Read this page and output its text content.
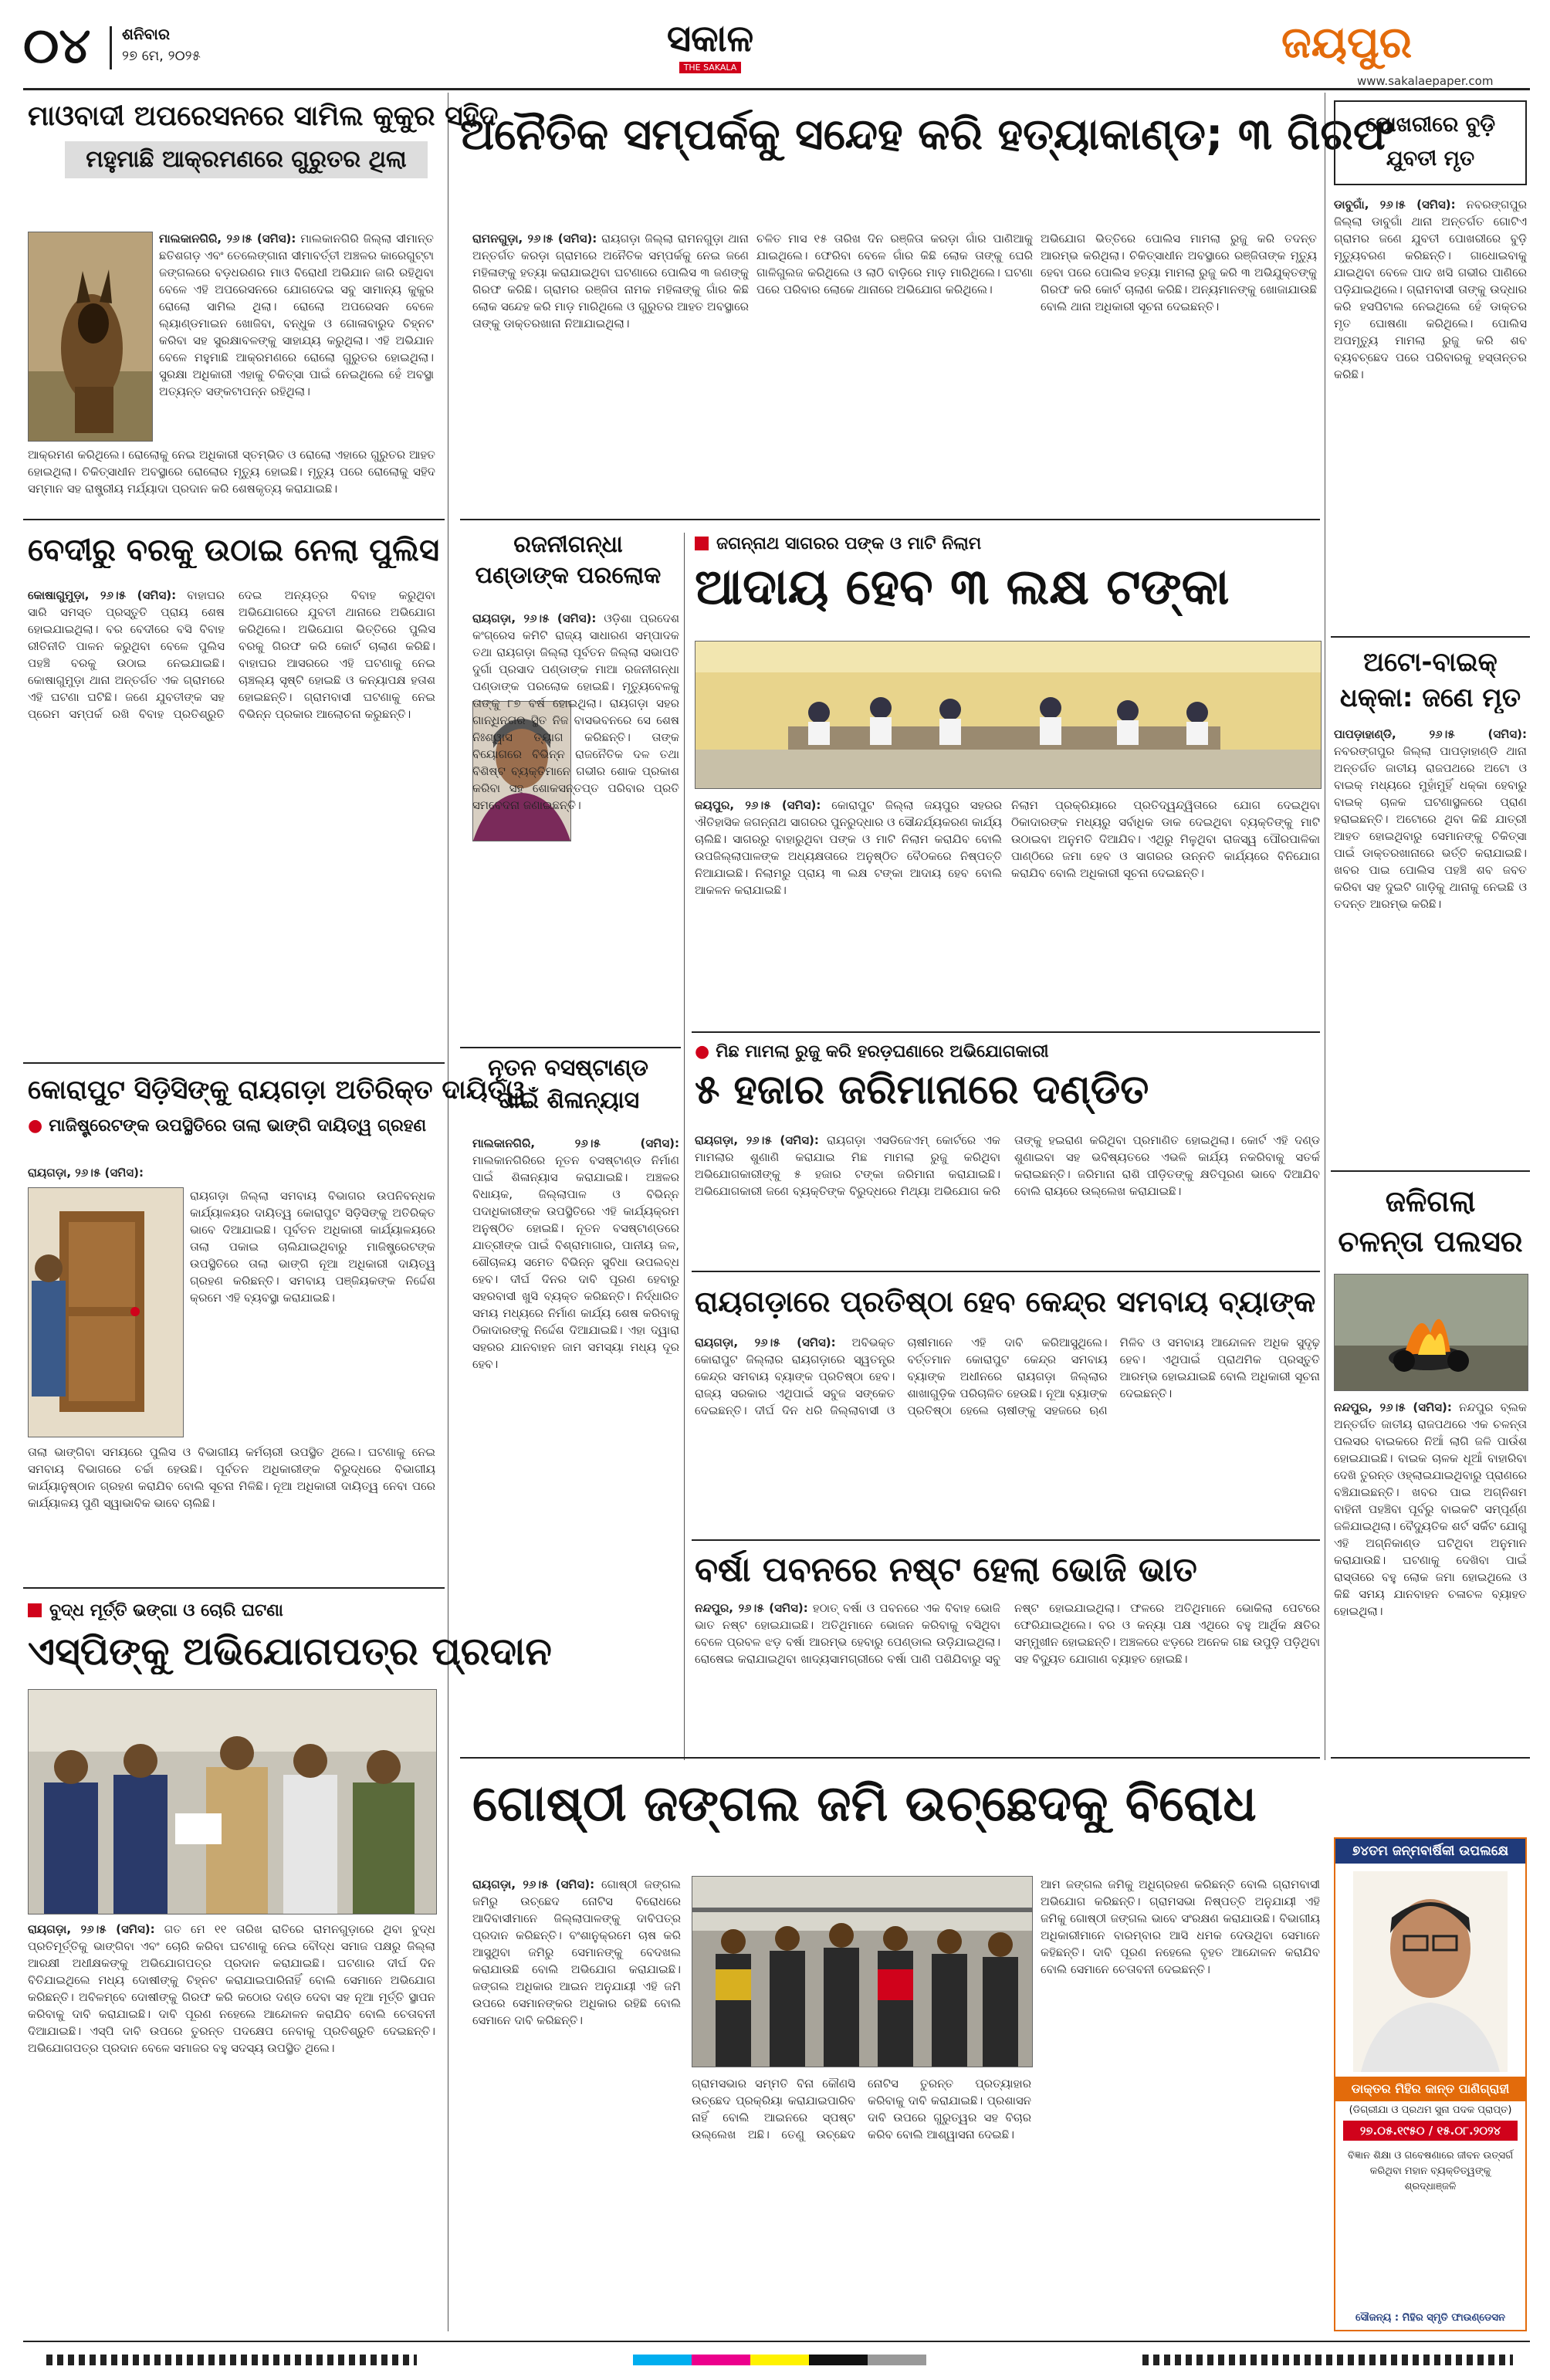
୦୪ ଶନିବାର
୨୭ ମେ, ୨୦୨୫	ସକାଳ
THE SAKALA	ଜୟପୁର
www.sakalaepaper.com
ମାଓବାଦୀ ଅପରେସନରେ ସାମିଲ କୁକୁର ସହିଦ
ମହୁମାଛି ଆକ୍ରମଣରେ ଗୁରୁତର ଥିଲା
ମାଲକାନଗିରି, ୨୬।୫ (ସମିସ): ମାଲକାନଗିରି ଜିଲ୍ଲା ସୀମାନ୍ତ ଛତିଶଗଡ଼ ଏବଂ ତେଲେଙ୍ଗାନା ସୀମାବର୍ତ୍ତୀ ଅଞ୍ଚଳର କାରେଗୁଟ୍ଟା ଜଙ୍ଗଲରେ ବଡ଼ଧରଣର ମାଓ ବିରୋଧୀ ଅଭିଯାନ ଜାରି ରହିଥିବା ବେଳେ ଏହି ଅପରେସନରେ ଯୋଗଦେଇ ସବୁ ସାମାନ୍ୟ କୁକୁର ରୋଲୋ ସାମିଲ ଥିଲା। ରୋଲୋ ଅପରେସନ ବେଳେ ଲ୍ୟାଣ୍ଡମାଇନ ଖୋଜିବା, ବନ୍ଧୁକ ଓ ଗୋଳାବାରୁଦ ଚିହ୍ନଟ କରିବା ସହ ସୁରକ୍ଷାବଳଙ୍କୁ ସାହାଯ୍ୟ କରୁଥିଲା। ଏହି ଅଭିଯାନ ବେଳେ ମହୁମାଛି ଆକ୍ରମଣରେ ରୋଲୋ ଗୁରୁତର ହୋଇଥିଲା। ସୁରକ୍ଷା ଅଧିକାରୀ ଏହାକୁ ଚିକିତ୍ସା ପାଇଁ ନେଇଥିଲେ ହେଁ ଅବସ୍ଥା ଅତ୍ୟନ୍ତ ସଙ୍କଟାପନ୍ନ ରହିଥିଲା।
ଆକ୍ରମଣ କରିଥିଲେ। ରୋଲୋକୁ ନେଇ ଅଧିକାରୀ ସ୍ତମ୍ଭିତ ଓ ରୋଲୋ ଏହାରେ ଗୁରୁତର ଆହତ ହୋଇଥିଲା। ଚିକିତ୍ସାଧୀନ ଅବସ୍ଥାରେ ରୋଲୋର ମୃତ୍ୟୁ ହୋଇଛି। ମୃତ୍ୟୁ ପରେ ରୋଲୋକୁ ସହିଦ ସମ୍ମାନ ସହ ରାଷ୍ଟ୍ରୀୟ ମର୍ଯ୍ୟାଦା ପ୍ରଦାନ କରି ଶେଷକୃତ୍ୟ କରାଯାଇଛି।
ଅନୈତିକ ସମ୍ପର୍କକୁ ସନ୍ଦେହ କରି ହତ୍ୟାକାଣ୍ଡ; ୩ ଗିରଫ
ରାମନଗୁଡ଼ା, ୨୬।୫ (ସମିସ): ରାୟଗଡ଼ା ଜିଲ୍ଲା ରାମନଗୁଡ଼ା ଥାନା ଅନ୍ତର୍ଗତ କରଡ଼ା ଗ୍ରାମରେ ଅନୈତିକ ସମ୍ପର୍କକୁ ନେଇ ଜଣେ ମହିଳାଙ୍କୁ ହତ୍ୟା କରାଯାଇଥିବା ଘଟଣାରେ ପୋଲିସ ୩ ଜଣଙ୍କୁ ଗିରଫ କରିଛି। ଗ୍ରାମର ରଞ୍ଜିତା ନାମକ ମହିଳାଙ୍କୁ ଗାଁର କିଛି ଲୋକ ସନ୍ଦେହ କରି ମାଡ଼ ମାରିଥିଲେ ଓ ଗୁରୁତର ଆହତ ଅବସ୍ଥାରେ ତାଙ୍କୁ ଡାକ୍ତରଖାନା ନିଆଯାଇଥିଲା।
ଚଳିତ ମାସ ୧୫ ତାରିଖ ଦିନ ରଞ୍ଜିତା କରଡ଼ା ଗାଁର ପାଣିଆକୁ ଯାଇଥିଲେ। ଫେରିବା ବେଳେ ଗାଁର କିଛି ଲୋକ ତାଙ୍କୁ ଘେରି ଗାଳିଗୁଲଜ କରିଥିଲେ ଓ ଲାଠି ବାଡ଼ିରେ ମାଡ଼ ମାରିଥିଲେ। ଘଟଣା ପରେ ପରିବାର ଲୋକେ ଥାନାରେ ଅଭିଯୋଗ କରିଥିଲେ।
ଅଭିଯୋଗ ଭିତ୍ତିରେ ପୋଲିସ ମାମଲା ରୁଜୁ କରି ତଦନ୍ତ ଆରମ୍ଭ କରିଥିଲା। ଚିକିତ୍ସାଧୀନ ଅବସ୍ଥାରେ ରଞ୍ଜିତାଙ୍କ ମୃତ୍ୟୁ ହେବା ପରେ ପୋଲିସ ହତ୍ୟା ମାମଲା ରୁଜୁ କରି ୩ ଅଭିଯୁକ୍ତଙ୍କୁ ଗିରଫ କରି କୋର୍ଟ ଚାଲାଣ କରିଛି। ଅନ୍ୟମାନଙ୍କୁ ଖୋଜାଯାଉଛି ବୋଲି ଥାନା ଅଧିକାରୀ ସୂଚନା ଦେଇଛନ୍ତି।
ପୋଖରୀରେ ବୁଡ଼ି ଯୁବତୀ ମୃତ
ଡାବୁଗାଁ, ୨୬।୫ (ସମିସ): ନବରଙ୍ଗପୁର ଜିଲ୍ଲା ଡାବୁଗାଁ ଥାନା ଅନ୍ତର୍ଗତ ଗୋଟିଏ ଗ୍ରାମର ଜଣେ ଯୁବତୀ ପୋଖରୀରେ ବୁଡ଼ି ମୃତ୍ୟୁବରଣ କରିଛନ୍ତି। ଗାଧୋଇବାକୁ ଯାଇଥିବା ବେଳେ ପାଦ ଖସି ଗଭୀର ପାଣିରେ ପଡ଼ିଯାଇଥିଲେ। ଗ୍ରାମବାସୀ ତାଙ୍କୁ ଉଦ୍ଧାର କରି ହସପିଟାଲ ନେଇଥିଲେ ହେଁ ଡାକ୍ତର ମୃତ ଘୋଷଣା କରିଥିଲେ। ପୋଲିସ ଅପମୃତ୍ୟୁ ମାମଲା ରୁଜୁ କରି ଶବ ବ୍ୟବଚ୍ଛେଦ ପରେ ପରିବାରକୁ ହସ୍ତାନ୍ତର କରିଛି।
ଅଟୋ-ବାଇକ୍
ଧକ୍କା: ଜଣେ ମୃତ
ପାପଡ଼ାହାଣ୍ଡି, ୨୬।୫ (ସମିସ): ନବରଙ୍ଗପୁର ଜିଲ୍ଲା ପାପଡ଼ାହାଣ୍ଡି ଥାନା ଅନ୍ତର୍ଗତ ଜାତୀୟ ରାଜପଥରେ ଅଟୋ ଓ ବାଇକ୍ ମଧ୍ୟରେ ମୁହାଁମୁହିଁ ଧକ୍କା ହେବାରୁ ବାଇକ୍ ଚାଳକ ଘଟଣାସ୍ଥଳରେ ପ୍ରାଣ ହରାଇଛନ୍ତି। ଅଟୋରେ ଥିବା କିଛି ଯାତ୍ରୀ ଆହତ ହୋଇଥିବାରୁ ସେମାନଙ୍କୁ ଚିକିତ୍ସା ପାଇଁ ଡାକ୍ତରଖାନାରେ ଭର୍ତ୍ତି କରାଯାଇଛି। ଖବର ପାଇ ପୋଲିସ ପହଞ୍ଚି ଶବ ଜବତ କରିବା ସହ ଦୁଇଟି ଗାଡ଼ିକୁ ଥାନାକୁ ନେଇଛି ଓ ତଦନ୍ତ ଆରମ୍ଭ କରିଛି।
ବେଦୀରୁ ବରକୁ ଉଠାଇ ନେଲା ପୁଲିସ
କୋଷାଗୁମୁଡ଼ା, ୨୬।୫ (ସମିସ): ବାହାଘର ସାରି ସମସ୍ତ ପ୍ରସ୍ତୁତି ପ୍ରାୟ ଶେଷ ହୋଇଯାଇଥିଲା। ବର ବେଦୀରେ ବସି ବିବାହ ରୀତିନୀତି ପାଳନ କରୁଥିବା ବେଳେ ପୁଲିସ ପହଞ୍ଚି ବରକୁ ଉଠାଇ ନେଇଯାଇଛି। କୋଷାଗୁମୁଡ଼ା ଥାନା ଅନ୍ତର୍ଗତ ଏକ ଗ୍ରାମରେ ଏହି ଘଟଣା ଘଟିଛି। ଜଣେ ଯୁବତୀଙ୍କ ସହ ପ୍ରେମ ସମ୍ପର୍କ ରଖି ବିବାହ ପ୍ରତିଶ୍ରୁତି ଦେଇ ଅନ୍ୟତ୍ର ବିବାହ କରୁଥିବା ଅଭିଯୋଗରେ ଯୁବତୀ ଥାନାରେ ଅଭିଯୋଗ କରିଥିଲେ। ଅଭିଯୋଗ ଭିତ୍ତିରେ ପୁଲିସ ବରକୁ ଗିରଫ କରି କୋର୍ଟ ଚାଲାଣ କରିଛି। ବାହାଘର ଆସରରେ ଏହି ଘଟଣାକୁ ନେଇ ଚାଞ୍ଚଲ୍ୟ ସୃଷ୍ଟି ହୋଇଛି ଓ କନ୍ୟାପକ୍ଷ ହତାଶ ହୋଇଛନ୍ତି। ଗ୍ରାମବାସୀ ଘଟଣାକୁ ନେଇ ବିଭିନ୍ନ ପ୍ରକାର ଆଲୋଚନା କରୁଛନ୍ତି।
ରଜନୀଗନ୍ଧା
ପଣ୍ଡାଙ୍କ ପରଲୋକ
ରାୟଗଡ଼ା, ୨୬।୫ (ସମିସ): ଓଡ଼ିଶା ପ୍ରଦେଶ କଂଗ୍ରେସ କମିଟି ରାଜ୍ୟ ସାଧାରଣ ସମ୍ପାଦକ ତଥା ରାୟଗଡ଼ା ଜିଲ୍ଲା ପୂର୍ବତନ ଜିଲ୍ଲା ସଭାପତି ଦୁର୍ଗା ପ୍ରସାଦ ପଣ୍ଡାଙ୍କ ମାଆ ରଜନୀଗନ୍ଧା ପଣ୍ଡାଙ୍କ ପରଲୋକ ହୋଇଛି। ମୃତ୍ୟୁବେଳକୁ ତାଙ୍କୁ ୮୭ ବର୍ଷ ହୋଇଥିଲା। ରାୟଗଡ଼ା ସହର ଗାନ୍ଧିନଗର ସ୍ଥିତ ନିଜ ବାସଭବନରେ ସେ ଶେଷ ନିଃଶ୍ୱାସ ତ୍ୟାଗ କରିଛନ୍ତି। ତାଙ୍କ ବିୟୋଗରେ ବିଭିନ୍ନ ରାଜନୈତିକ ଦଳ ତଥା ବିଶିଷ୍ଟ ବ୍ୟକ୍ତିମାନେ ଗଭୀର ଶୋକ ପ୍ରକାଶ କରିବା ସହ ଶୋକସନ୍ତପ୍ତ ପରିବାର ପ୍ରତି ସମବେଦନା ଜଣାଇଛନ୍ତି।
ଜଗନ୍ନାଥ ସାଗରର ପଙ୍କ ଓ ମାଟି ନିଲାମ
ଆଦାୟ ହେବ ୩ ଲକ୍ଷ ଟଙ୍କା
ଜୟପୁର, ୨୬।୫ (ସମିସ): କୋରାପୁଟ ଜିଲ୍ଲା ଜୟପୁର ସହରର ଐତିହାସିକ ଜଗନ୍ନାଥ ସାଗରର ପୁନରୁଦ୍ଧାର ଓ ସୌନ୍ଦର୍ଯ୍ୟକରଣ କାର୍ଯ୍ୟ ଚାଲିଛି। ସାଗରରୁ ବାହାରୁଥିବା ପଙ୍କ ଓ ମାଟି ନିଲାମ କରାଯିବ ବୋଲି ଉପଜିଲ୍ଲାପାଳଙ୍କ ଅଧ୍ୟକ୍ଷତାରେ ଅନୁଷ୍ଠିତ ବୈଠକରେ ନିଷ୍ପତ୍ତି ନିଆଯାଇଛି। ନିଲାମରୁ ପ୍ରାୟ ୩ ଲକ୍ଷ ଟଙ୍କା ଆଦାୟ ହେବ ବୋଲି ଆକଳନ କରାଯାଇଛି।
ନିଲାମ ପ୍ରକ୍ରିୟାରେ ପ୍ରତିଦ୍ୱନ୍ଦ୍ୱିତାରେ ଯୋଗ ଦେଇଥିବା ଠିକାଦାରଙ୍କ ମଧ୍ୟରୁ ସର୍ବାଧିକ ଡାକ ଦେଇଥିବା ବ୍ୟକ୍ତିଙ୍କୁ ମାଟି ଉଠାଇବା ଅନୁମତି ଦିଆଯିବ। ଏଥିରୁ ମିଳୁଥିବା ରାଜସ୍ୱ ପୌରପାଳିକା ପାଣ୍ଠିରେ ଜମା ହେବ ଓ ସାଗରର ଉନ୍ନତି କାର୍ଯ୍ୟରେ ବିନିଯୋଗ କରାଯିବ ବୋଲି ଅଧିକାରୀ ସୂଚନା ଦେଇଛନ୍ତି।
କୋରାପୁଟ ସିଡ଼ିସିଙ୍କୁ ରାୟଗଡ଼ା ଅତିରିକ୍ତ ଦାୟିତ୍ୱ
● ମାଜିଷ୍ଟ୍ରେଟଙ୍କ ଉପସ୍ଥିତିରେ ତାଲା ଭାଙ୍ଗି ଦାୟିତ୍ୱ ଗ୍ରହଣ
ରାୟଗଡ଼ା, ୨୬।୫ (ସମିସ):
ରାୟଗଡ଼ା ଜିଲ୍ଲା ସମବାୟ ବିଭାଗର ଉପନିବନ୍ଧକ କାର୍ଯ୍ୟାଳୟର ଦାୟିତ୍ୱ କୋରାପୁଟ ସିଡ଼ିସିଙ୍କୁ ଅତିରିକ୍ତ ଭାବେ ଦିଆଯାଇଛି। ପୂର୍ବତନ ଅଧିକାରୀ କାର୍ଯ୍ୟାଳୟରେ ତାଲା ପକାଇ ଚାଲିଯାଇଥିବାରୁ ମାଜିଷ୍ଟ୍ରେଟଙ୍କ ଉପସ୍ଥିତିରେ ତାଲା ଭାଙ୍ଗି ନୂଆ ଅଧିକାରୀ ଦାୟିତ୍ୱ ଗ୍ରହଣ କରିଛନ୍ତି। ସମବାୟ ପଞ୍ଜିୟକଙ୍କ ନିର୍ଦ୍ଦେଶ କ୍ରମେ ଏହି ବ୍ୟବସ୍ଥା କରାଯାଇଛି।
ତାଲା ଭାଙ୍ଗିବା ସମୟରେ ପୁଲିସ ଓ ବିଭାଗୀୟ କର୍ମଚାରୀ ଉପସ୍ଥିତ ଥିଲେ। ଘଟଣାକୁ ନେଇ ସମବାୟ ବିଭାଗରେ ଚର୍ଚ୍ଚା ହେଉଛି। ପୂର୍ବତନ ଅଧିକାରୀଙ୍କ ବିରୁଦ୍ଧରେ ବିଭାଗୀୟ କାର୍ଯ୍ୟାନୁଷ୍ଠାନ ଗ୍ରହଣ କରାଯିବ ବୋଲି ସୂଚନା ମିଳିଛି। ନୂଆ ଅଧିକାରୀ ଦାୟିତ୍ୱ ନେବା ପରେ କାର୍ଯ୍ୟାଳୟ ପୁଣି ସ୍ୱାଭାବିକ ଭାବେ ଚାଲିଛି।
ନୂତନ ବସଷ୍ଟାଣ୍ଡ
ପାଇଁ ଶିଳାନ୍ୟାସ
ମାଲକାନଗିରି, ୨୬।୫ (ସମିସ): ମାଲକାନଗିରିରେ ନୂତନ ବସଷ୍ଟାଣ୍ଡ ନିର୍ମାଣ ପାଇଁ ଶିଳାନ୍ୟାସ କରାଯାଇଛି। ଅଞ୍ଚଳର ବିଧାୟକ, ଜିଲ୍ଲାପାଳ ଓ ବିଭିନ୍ନ ପଦାଧିକାରୀଙ୍କ ଉପସ୍ଥିତିରେ ଏହି କାର୍ଯ୍ୟକ୍ରମ ଅନୁଷ୍ଠିତ ହୋଇଛି। ନୂତନ ବସଷ୍ଟାଣ୍ଡରେ ଯାତ୍ରୀଙ୍କ ପାଇଁ ବିଶ୍ରାମାଗାର, ପାନୀୟ ଜଳ, ଶୌଚାଳୟ ସମେତ ବିଭିନ୍ନ ସୁବିଧା ଉପଲବ୍ଧ ହେବ। ଦୀର୍ଘ ଦିନର ଦାବି ପୂରଣ ହେବାରୁ ସହରବାସୀ ଖୁସି ବ୍ୟକ୍ତ କରିଛନ୍ତି। ନିର୍ଦ୍ଧାରିତ ସମୟ ମଧ୍ୟରେ ନିର୍ମାଣ କାର୍ଯ୍ୟ ଶେଷ କରିବାକୁ ଠିକାଦାରଙ୍କୁ ନିର୍ଦ୍ଦେଶ ଦିଆଯାଇଛି। ଏହା ଦ୍ୱାରା ସହରର ଯାନବାହନ ଜାମ ସମସ୍ୟା ମଧ୍ୟ ଦୂର ହେବ।
● ମିଛ ମାମଲା ରୁଜୁ କରି ହରଡ଼ଘଣାରେ ଅଭିଯୋଗକାରୀ
୫ ହଜାର ଜରିମାନାରେ ଦଣ୍ଡିତ
ରାୟଗଡ଼ା, ୨୬।୫ (ସମିସ): ରାୟଗଡ଼ା ଏସଡିଜେଏମ୍ କୋର୍ଟରେ ଏକ ମାମଲାର ଶୁଣାଣି କରାଯାଇ ମିଛ ମାମଲା ରୁଜୁ କରିଥିବା ଅଭିଯୋଗକାରୀଙ୍କୁ ୫ ହଜାର ଟଙ୍କା ଜରିମାନା କରାଯାଇଛି। ଅଭିଯୋଗକାରୀ ଜଣେ ବ୍ୟକ୍ତିଙ୍କ ବିରୁଦ୍ଧରେ ମିଥ୍ୟା ଅଭିଯୋଗ କରି ତାଙ୍କୁ ହଇରାଣ କରିଥିବା ପ୍ରମାଣିତ ହୋଇଥିଲା। କୋର୍ଟ ଏହି ଦଣ୍ଡ ଶୁଣାଇବା ସହ ଭବିଷ୍ୟତରେ ଏଭଳି କାର୍ଯ୍ୟ ନକରିବାକୁ ସତର୍କ କରାଇଛନ୍ତି। ଜରିମାନା ରାଶି ପୀଡ଼ିତଙ୍କୁ କ୍ଷତିପୂରଣ ଭାବେ ଦିଆଯିବ ବୋଲି ରାୟରେ ଉଲ୍ଲେଖ କରାଯାଇଛି।
ରାୟଗଡ଼ାରେ ପ୍ରତିଷ୍ଠା ହେବ କେନ୍ଦ୍ର ସମବାୟ ବ୍ୟାଙ୍କ
ରାୟଗଡ଼ା, ୨୬।୫ (ସମିସ): ଅବିଭକ୍ତ କୋରାପୁଟ ଜିଲ୍ଲାର ରାୟଗଡ଼ାରେ ସ୍ୱତନ୍ତ୍ର କେନ୍ଦ୍ର ସମବାୟ ବ୍ୟାଙ୍କ ପ୍ରତିଷ୍ଠା ହେବ। ରାଜ୍ୟ ସରକାର ଏଥିପାଇଁ ସବୁଜ ସଙ୍କେତ ଦେଇଛନ୍ତି। ଦୀର୍ଘ ଦିନ ଧରି ଜିଲ୍ଲାବାସୀ ଓ ଚାଷୀମାନେ ଏହି ଦାବି କରିଆସୁଥିଲେ। ବର୍ତ୍ତମାନ କୋରାପୁଟ କେନ୍ଦ୍ର ସମବାୟ ବ୍ୟାଙ୍କ ଅଧୀନରେ ରାୟଗଡ଼ା ଜିଲ୍ଲାର ଶାଖାଗୁଡ଼ିକ ପରିଚାଳିତ ହେଉଛି। ନୂଆ ବ୍ୟାଙ୍କ ପ୍ରତିଷ୍ଠା ହେଲେ ଚାଷୀଙ୍କୁ ସହଜରେ ଋଣ ମିଳିବ ଓ ସମବାୟ ଆନ୍ଦୋଳନ ଅଧିକ ସୁଦୃଢ଼ ହେବ। ଏଥିପାଇଁ ପ୍ରାଥମିକ ପ୍ରସ୍ତୁତି ଆରମ୍ଭ ହୋଇଯାଇଛି ବୋଲି ଅଧିକାରୀ ସୂଚନା ଦେଇଛନ୍ତି।
ବର୍ଷା ପବନରେ ନଷ୍ଟ ହେଲା ଭୋଜି ଭାତ
ନନ୍ଦପୁର, ୨୬।୫ (ସମିସ): ହଠାତ୍ ବର୍ଷା ଓ ପବନରେ ଏକ ବିବାହ ଭୋଜି ଭାତ ନଷ୍ଟ ହୋଇଯାଇଛି। ଅତିଥିମାନେ ଭୋଜନ କରିବାକୁ ବସିଥିବା ବେଳେ ପ୍ରବଳ ଝଡ଼ ବର୍ଷା ଆରମ୍ଭ ହେବାରୁ ପେଣ୍ଡାଲ ଉଡ଼ିଯାଇଥିଲା। ରୋଷେଇ କରାଯାଇଥିବା ଖାଦ୍ୟସାମଗ୍ରୀରେ ବର୍ଷା ପାଣି ପଶିଯିବାରୁ ସବୁ ନଷ୍ଟ ହୋଇଯାଇଥିଲା। ଫଳରେ ଅତିଥିମାନେ ଭୋକିଲା ପେଟରେ ଫେରିଯାଇଥିଲେ। ବର ଓ କନ୍ୟା ପକ୍ଷ ଏଥିରେ ବହୁ ଆର୍ଥିକ କ୍ଷତିର ସମ୍ମୁଖୀନ ହୋଇଛନ୍ତି। ଅଞ୍ଚଳରେ ଝଡ଼ରେ ଅନେକ ଗଛ ଉପୁଡ଼ି ପଡ଼ିଥିବା ସହ ବିଦ୍ୟୁତ ଯୋଗାଣ ବ୍ୟାହତ ହୋଇଛି।
ଜଳିଗଲା
ଚଳନ୍ତା ପଲସର
ନନ୍ଦପୁର, ୨୬।୫ (ସମିସ): ନନ୍ଦପୁର ବ୍ଲକ ଅନ୍ତର୍ଗତ ଜାତୀୟ ରାଜପଥରେ ଏକ ଚଳନ୍ତା ପଲସର ବାଇକରେ ନିଆଁ ଲାଗି ଜଳି ପାଉଁଶ ହୋଇଯାଇଛି। ବାଇକ ଚାଳକ ଧୂଆଁ ବାହାରିବା ଦେଖି ତୁରନ୍ତ ଓହ୍ଲାଇଯାଇଥିବାରୁ ପ୍ରାଣରେ ବଞ୍ଚିଯାଇଛନ୍ତି। ଖବର ପାଇ ଅଗ୍ନିଶମ ବାହିନୀ ପହଞ୍ଚିବା ପୂର୍ବରୁ ବାଇକଟି ସମ୍ପୂର୍ଣ୍ଣ ଜଳିଯାଇଥିଲା। ବୈଦ୍ୟୁତିକ ଶର୍ଟ ସର୍କିଟ ଯୋଗୁ ଏହି ଅଗ୍ନିକାଣ୍ଡ ଘଟିଥିବା ଅନୁମାନ କରାଯାଉଛି। ଘଟଣାକୁ ଦେଖିବା ପାଇଁ ରାସ୍ତାରେ ବହୁ ଲୋକ ଜମା ହୋଇଥିଲେ ଓ କିଛି ସମୟ ଯାନବାହନ ଚଳାଚଳ ବ୍ୟାହତ ହୋଇଥିଲା।
ବୁଦ୍ଧ ମୂର୍ତ୍ତି ଭଙ୍ଗା ଓ ଚୋରି ଘଟଣା
ଏସ୍‌ପିଙ୍କୁ ଅଭିଯୋଗପତ୍ର ପ୍ରଦାନ
ରାୟଗଡ଼ା, ୨୬।୫ (ସମିସ): ଗତ ମେ ୧୧ ତାରିଖ ରାତିରେ ରାମନଗୁଡ଼ାରେ ଥିବା ବୁଦ୍ଧ ପ୍ରତିମୂର୍ତ୍ତିକୁ ଭାଙ୍ଗିବା ଏବଂ ଚୋରି କରିବା ଘଟଣାକୁ ନେଇ ବୌଦ୍ଧ ସମାଜ ପକ୍ଷରୁ ଜିଲ୍ଲା ଆରକ୍ଷୀ ଅଧୀକ୍ଷକଙ୍କୁ ଅଭିଯୋଗପତ୍ର ପ୍ରଦାନ କରାଯାଇଛି। ଘଟଣାର ଦୀର୍ଘ ଦିନ ବିତିଯାଇଥିଲେ ମଧ୍ୟ ଦୋଷୀଙ୍କୁ ଚିହ୍ନଟ କରାଯାଇପାରିନାହିଁ ବୋଲି ସେମାନେ ଅଭିଯୋଗ କରିଛନ୍ତି। ଅବିଳମ୍ବେ ଦୋଷୀଙ୍କୁ ଗିରଫ କରି କଠୋର ଦଣ୍ଡ ଦେବା ସହ ନୂଆ ମୂର୍ତ୍ତି ସ୍ଥାପନ କରିବାକୁ ଦାବି କରାଯାଇଛି। ଦାବି ପୂରଣ ନହେଲେ ଆନ୍ଦୋଳନ କରାଯିବ ବୋଲି ଚେତାବନୀ ଦିଆଯାଇଛି। ଏସ୍‌ପି ଦାବି ଉପରେ ତୁରନ୍ତ ପଦକ୍ଷେପ ନେବାକୁ ପ୍ରତିଶ୍ରୁତି ଦେଇଛନ୍ତି। ଅଭିଯୋଗପତ୍ର ପ୍ରଦାନ ବେଳେ ସମାଜର ବହୁ ସଦସ୍ୟ ଉପସ୍ଥିତ ଥିଲେ।
ଗୋଷ୍ଠୀ ଜଙ୍ଗଲ ଜମି ଉଚ୍ଛେଦକୁ ବିରୋଧ
ରାୟଗଡ଼ା, ୨୬।୫ (ସମିସ): ଗୋଷ୍ଠୀ ଜଙ୍ଗଲ ଜମିରୁ ଉଚ୍ଛେଦ ନୋଟିସ ବିରୋଧରେ ଆଦିବାସୀମାନେ ଜିଲ୍ଲାପାଳଙ୍କୁ ଦାବିପତ୍ର ପ୍ରଦାନ କରିଛନ୍ତି। ବଂଶାନୁକ୍ରମେ ଚାଷ କରି ଆସୁଥିବା ଜମିରୁ ସେମାନଙ୍କୁ ବେଦଖଲ କରାଯାଉଛି ବୋଲି ଅଭିଯୋଗ କରାଯାଇଛି। ଜଙ୍ଗଲ ଅଧିକାର ଆଇନ ଅନୁଯାୟୀ ଏହି ଜମି ଉପରେ ସେମାନଙ୍କର ଅଧିକାର ରହିଛି ବୋଲି ସେମାନେ ଦାବି କରିଛନ୍ତି।
ଗ୍ରାମସଭାର ସମ୍ମତି ବିନା କୌଣସି ଉଚ୍ଛେଦ ପ୍ରକ୍ରିୟା କରାଯାଇପାରିବ ନାହିଁ ବୋଲି ଆଇନରେ ସ୍ପଷ୍ଟ ଉଲ୍ଲେଖ ଅଛି। ତେଣୁ ଉଚ୍ଛେଦ ନୋଟିସ ତୁରନ୍ତ ପ୍ରତ୍ୟାହାର କରିବାକୁ ଦାବି କରାଯାଇଛି। ପ୍ରଶାସନ ଦାବି ଉପରେ ଗୁରୁତ୍ୱର ସହ ବିଚାର କରିବ ବୋଲି ଆଶ୍ୱାସନା ଦେଇଛି।
ଆମ ଜଙ୍ଗଲ ଜମିକୁ ଅଧିଗ୍ରହଣ କରିଛନ୍ତି ବୋଲି ଗ୍ରାମବାସୀ ଅଭିଯୋଗ କରିଛନ୍ତି। ଗ୍ରାମସଭା ନିଷ୍ପତ୍ତି ଅନୁଯାୟୀ ଏହି ଜମିକୁ ଗୋଷ୍ଠୀ ଜଙ୍ଗଲ ଭାବେ ସଂରକ୍ଷଣ କରାଯାଉଛି। ବିଭାଗୀୟ ଅଧିକାରୀମାନେ ବାରମ୍ବାର ଆସି ଧମକ ଦେଉଥିବା ସେମାନେ କହିଛନ୍ତି। ଦାବି ପୂରଣ ନହେଲେ ବୃହତ ଆନ୍ଦୋଳନ କରାଯିବ ବୋଲି ସେମାନେ ଚେତାବନୀ ଦେଇଛନ୍ତି।
୭୪ତମ ଜନ୍ମବାର୍ଷିକୀ ଉପଲକ୍ଷେ
ଡାକ୍ତର ମିହିର କାନ୍ତ ପାଣିଗ୍ରାହୀ
(ଡିଗ୍ରୀଯା ଓ ପ୍ରଥମ ସୁନା ପଦକ ପ୍ରାପ୍ତ)
୨୭.୦୫.୧୯୫୦ / ୧୫.୦୮.୨୦୨୪
ବିଜ୍ଞାନ ଶିକ୍ଷା ଓ ଗବେଷଣାରେ ଜୀବନ ଉତ୍ସର୍ଗ କରିଥିବା ମହାନ ବ୍ୟକ୍ତିତ୍ୱଙ୍କୁ ଶ୍ରଦ୍ଧାଞ୍ଜଳି
ସୌଜନ୍ୟ : ମିହିର ସ୍ମୃତି ଫାଉଣ୍ଡେସନ
